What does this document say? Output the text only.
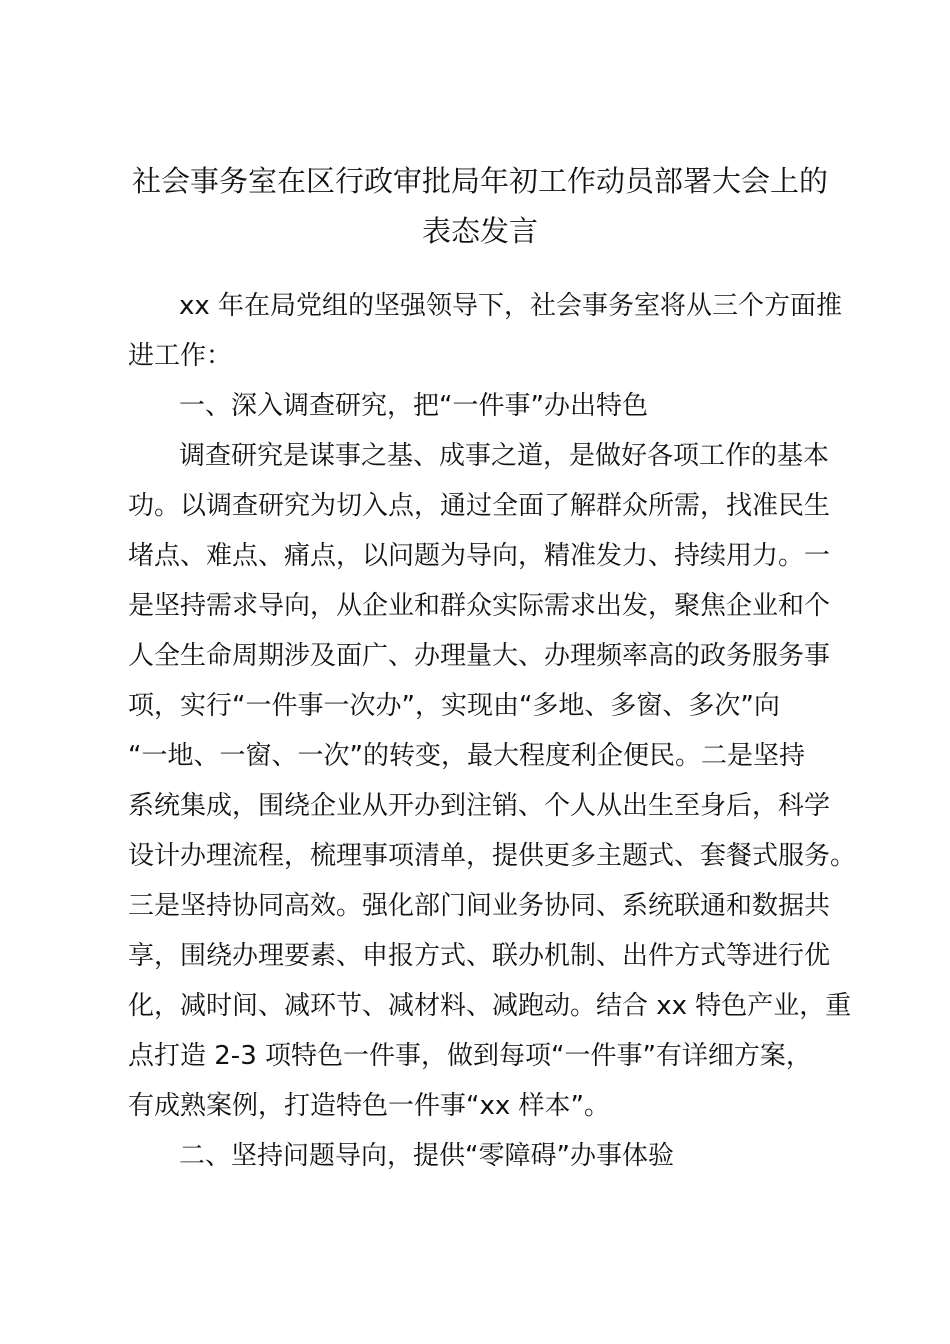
社会事务室在区行政审批局年初工作动员部署大会上的
表态发言
xx 年在局党组的坚强领导下，社会事务室将从三个方面推
进工作：
一、深入调查研究，把“一件事”办出特色
调查研究是谋事之基、成事之道，是做好各项工作的基本
功。以调查研究为切入点，通过全面了解群众所需，找准民生
堵点、难点、痛点，以问题为导向，精准发力、持续用力。一
是坚持需求导向，从企业和群众实际需求出发，聚焦企业和个
人全生命周期涉及面广、办理量大、办理频率高的政务服务事
项，实行“一件事一次办”，实现由“多地、多窗、多次”向
“一地、一窗、一次”的转变，最大程度利企便民。二是坚持
系统集成，围绕企业从开办到注销、个人从出生至身后，科学
设计办理流程，梳理事项清单，提供更多主题式、套餐式服务。
三是坚持协同高效。强化部门间业务协同、系统联通和数据共
享，围绕办理要素、申报方式、联办机制、出件方式等进行优
化，减时间、减环节、减材料、减跑动。结合 xx 特色产业，重
点打造 2-3 项特色一件事，做到每项“一件事”有详细方案，
有成熟案例，打造特色一件事“xx 样本”。
二、坚持问题导向，提供“零障碍”办事体验
